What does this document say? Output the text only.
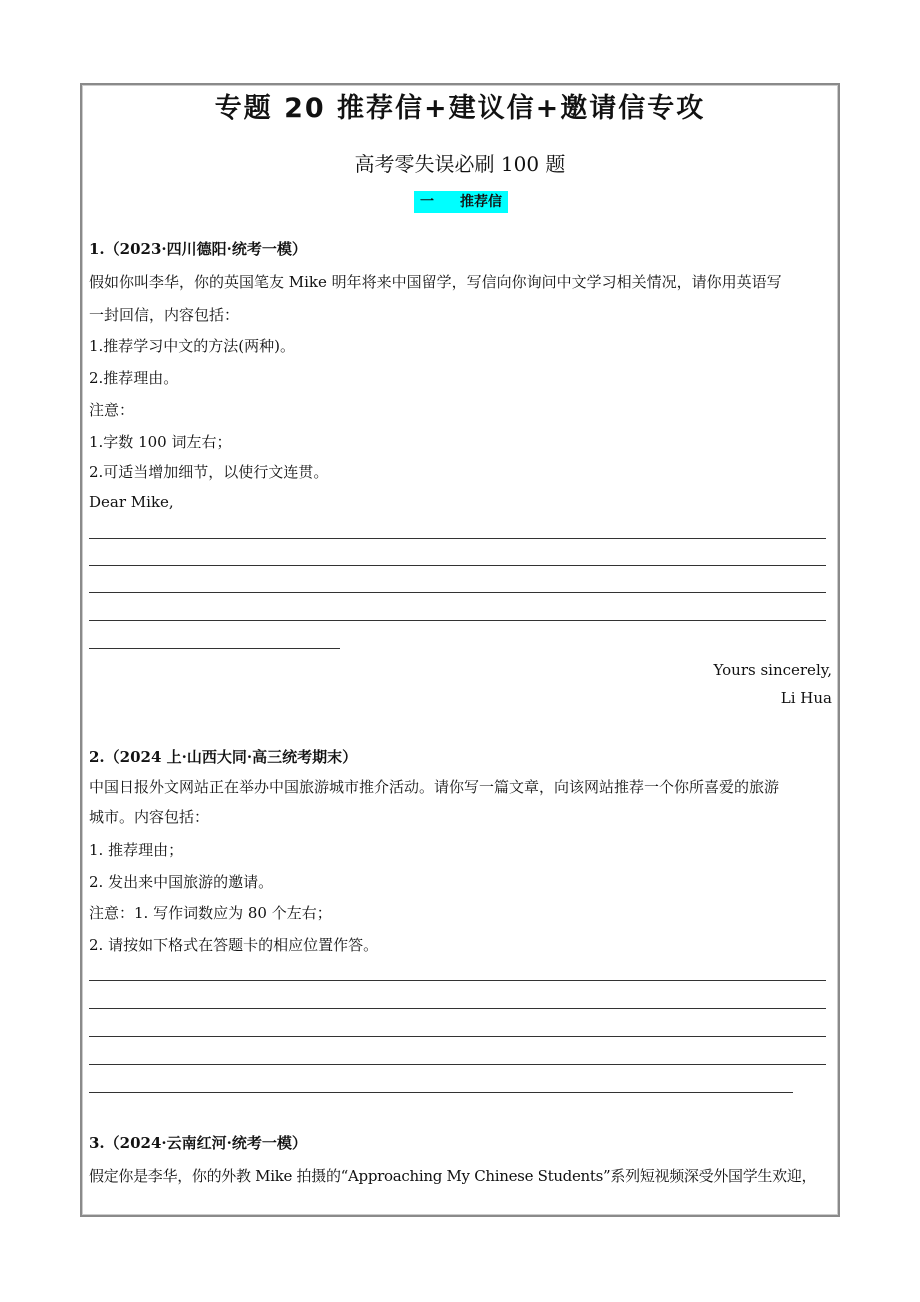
专题 20 推荐信+建议信+邀请信专攻
高考零失误必刷 100 题
一 推荐信
1.（2023·四川德阳·统考一模）
假如你叫李华，你的英国笔友 Mike 明年将来中国留学，写信向你询问中文学习相关情况，请你用英语写
一封回信，内容包括：
1.推荐学习中文的方法(两种)。
2.推荐理由。
注意：
1.字数 100 词左右；
2.可适当增加细节，以使行文连贯。
Dear Mike,
Yours sincerely,
Li Hua
2.（2024 上·山西大同·高三统考期末）
中国日报外文网站正在举办中国旅游城市推介活动。请你写一篇文章，向该网站推荐一个你所喜爱的旅游
城市。内容包括：
1. 推荐理由；
2. 发出来中国旅游的邀请。
注意：1. 写作词数应为 80 个左右；
2. 请按如下格式在答题卡的相应位置作答。
3.（2024·云南红河·统考一模）
假定你是李华，你的外教 Mike 拍摄的“Approaching My Chinese Students”系列短视频深受外国学生欢迎，
